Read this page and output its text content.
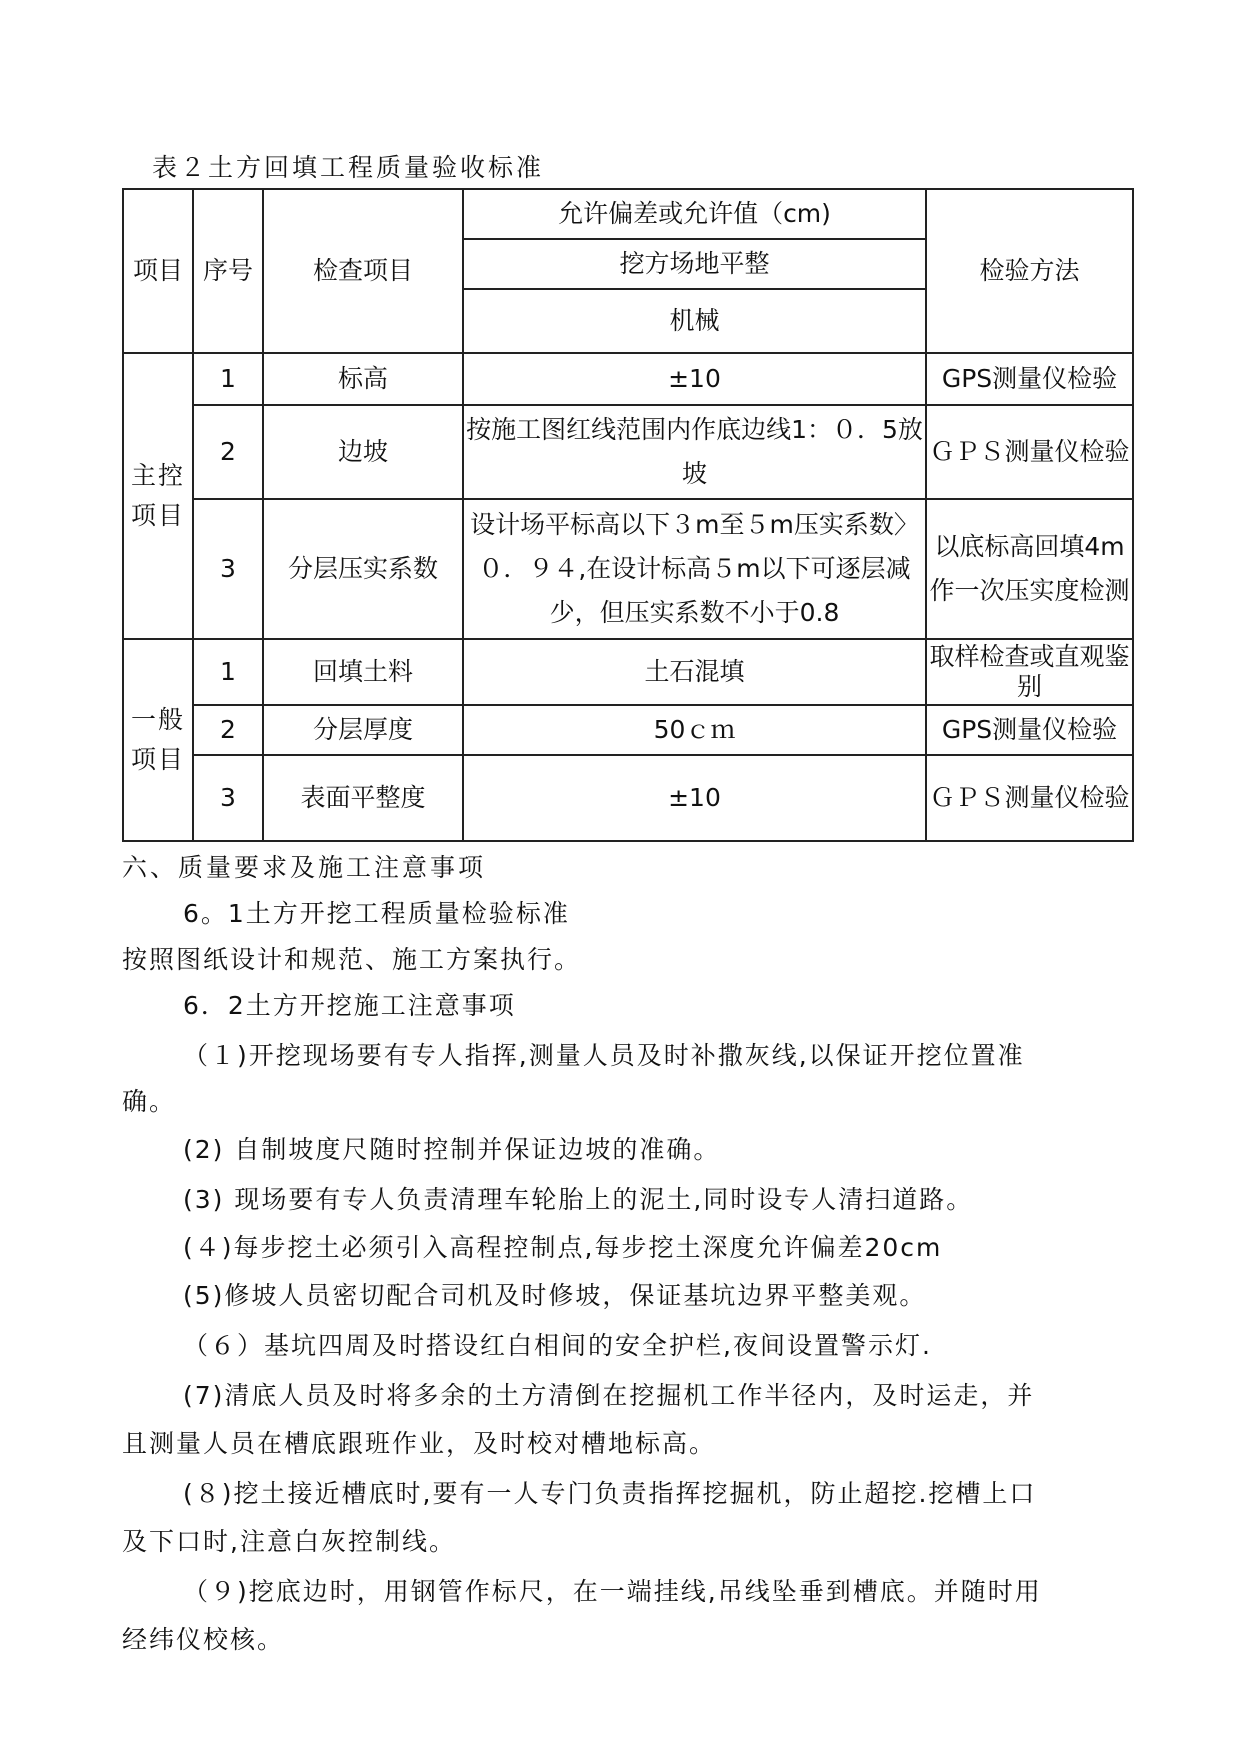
表２土方回填工程质量验收标准
项目	序号	检查项目	允许偏差或允许值（cm)	检验方法
			挖方场地平整	
			机械	
主控项目	1	标高	±10	GPS测量仪检验
	2	边坡	按施工图红线范围内作底边线1：０．5放坡	ＧＰＳ测量仪检验
	3	分层压实系数	设计场平标高以下３m至５m压实系数〉０．９４,在设计标高５m以下可逐层减少，但压实系数不小于0.8	以底标高回填4m作一次压实度检测
一般项目	1	回填土料	土石混填	取样检查或直观鉴别
	2	分层厚度	50ｃｍ	GPS测量仪检验
	3	表面平整度	±10	ＧＰＳ测量仪检验
六、质量要求及施工注意事项
6。1土方开挖工程质量检验标准
按照图纸设计和规范、施工方案执行。
6．2土方开挖施工注意事项
（１)开挖现场要有专人指挥,测量人员及时补撒灰线,以保证开挖位置准
确。
(2) 自制坡度尺随时控制并保证边坡的准确。
(3) 现场要有专人负责清理车轮胎上的泥土,同时设专人清扫道路。
(４)每步挖土必须引入高程控制点,每步挖土深度允许偏差20cm
(5)修坡人员密切配合司机及时修坡，保证基坑边界平整美观。
（６）基坑四周及时搭设红白相间的安全护栏,夜间设置警示灯.
(7)清底人员及时将多余的土方清倒在挖掘机工作半径内，及时运走，并
且测量人员在槽底跟班作业，及时校对槽地标高。
(８)挖土接近槽底时,要有一人专门负责指挥挖掘机，防止超挖.挖槽上口
及下口时,注意白灰控制线。
（９)挖底边时，用钢管作标尺，在一端挂线,吊线坠垂到槽底。并随时用
经纬仪校核。
